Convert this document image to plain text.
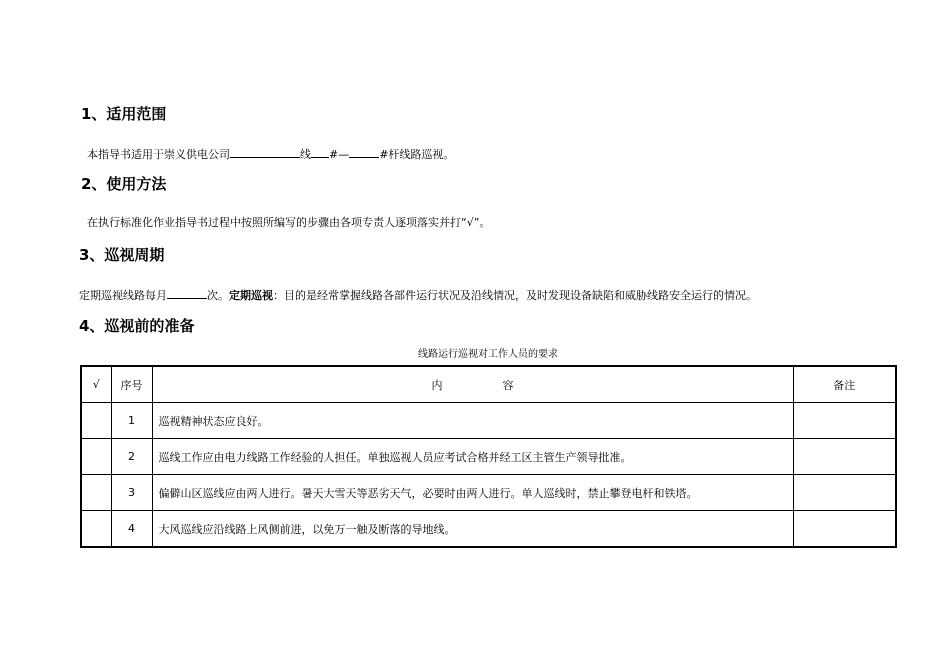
1、适用范围
本指导书适用于崇义供电公司	线 #—	#杆线路巡视。
2、使用方法
在执行标准化作业指导书过程中按照所编写的步骤由各项专责人逐项落实并打“√”。
3、巡视周期
定期巡视线路每月	次。定期巡视：目的是经常掌握线路各部件运行状况及沿线情况，及时发现设备缺陷和威胁线路安全运行的情况。
4、巡视前的准备
线路运行巡视对工作人员的要求
√	序号	内 容	备注
	1	巡视精神状态应良好。	
	2	巡线工作应由电力线路工作经验的人担任。单独巡视人员应考试合格并经工区主管生产领导批准。	
	3	偏僻山区巡线应由两人进行。暑天大雪天等恶劣天气，必要时由两人进行。单人巡线时，禁止攀登电杆和铁塔。	
	4	大风巡线应沿线路上风侧前进，以免万一触及断落的导地线。	
